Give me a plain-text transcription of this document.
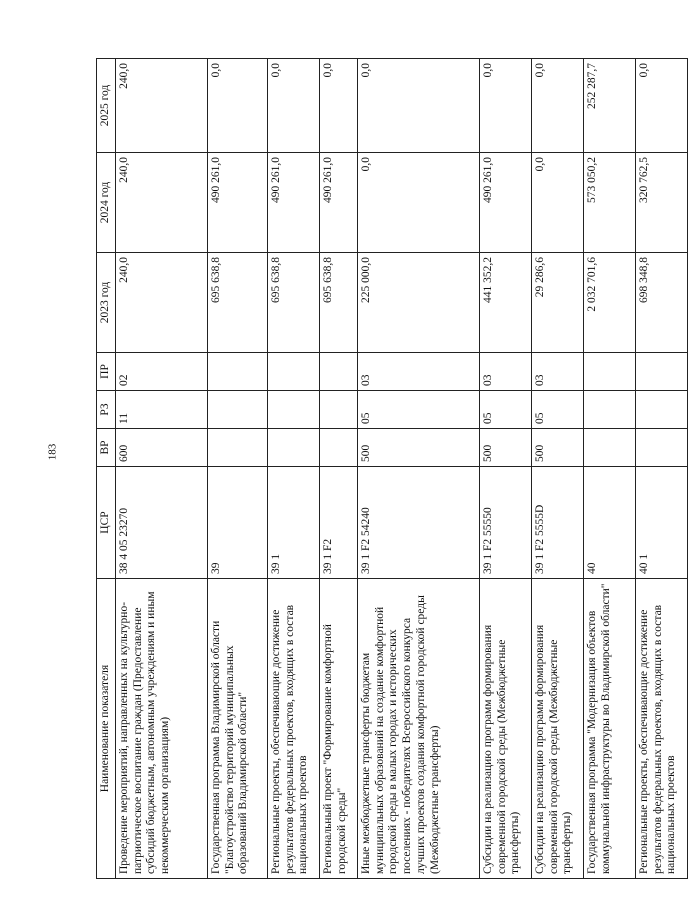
183
Наименование показателя	ЦСР	ВР	РЗ	ПР	2023 год	2024 год	2025 год
Проведение мероприятий, направленных на культурно-патриотическое воспитание граждан (Предоставление субсидий бюджетным, автономным учреждениям и иным некоммерческим организациям)	38 4 05 23270	600	11	02	240,0	240,0	240,0
Государственная программа Владимирской области "Благоустройство территорий муниципальных образований Владимирской области"	39				695 638,8	490 261,0	0,0
Региональные проекты, обеспечивающие достижение результатов федеральных проектов, входящих в состав национальных проектов	39 1				695 638,8	490 261,0	0,0
Региональный проект "Формирование комфортной городской среды"	39 1 F2				695 638,8	490 261,0	0,0
Иные межбюджетные трансферты бюджетам муниципальных образований на создание комфортной городской среды в малых городах и исторических поселениях - победителях Всероссийского конкурса лучших проектов создания комфортной городской среды (Межбюджетные трансферты)	39 1 F2 54240	500	05	03	225 000,0	0,0	0,0
Субсидии на реализацию программ формирования современной городской среды (Межбюджетные трансферты)	39 1 F2 55550	500	05	03	441 352,2	490 261,0	0,0
Субсидии на реализацию программ формирования современной городской среды (Межбюджетные трансферты)	39 1 F2 5555D	500	05	03	29 286,6	0,0	0,0
Государственная программа "Модернизация объектов коммунальной инфраструктуры во Владимирской области"	40				2 032 701,6	573 050,2	252 287,7
Региональные проекты, обеспечивающие достижение результатов федеральных проектов, входящих в состав национальных проектов	40 1				698 348,8	320 762,5	0,0
